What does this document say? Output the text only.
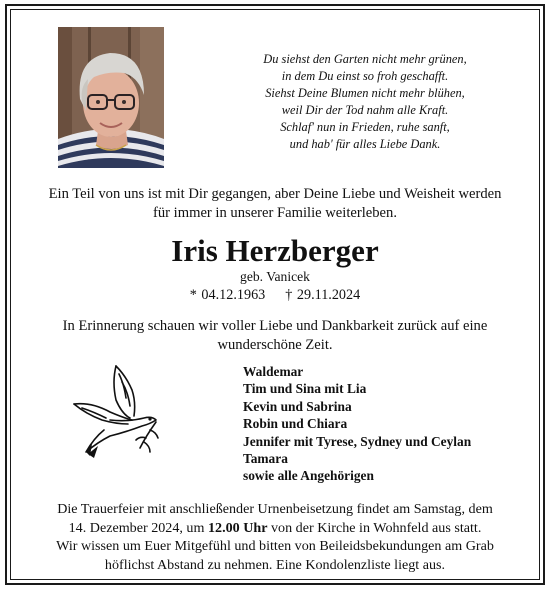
Du siehst den Garten nicht mehr grünen,
in dem Du einst so froh geschafft.
Siehst Deine Blumen nicht mehr blühen,
weil Dir der Tod nahm alle Kraft.
Schlaf' nun in Frieden, ruhe sanft,
und hab' für alles Liebe Dank.
Ein Teil von uns ist mit Dir gegangen, aber Deine Liebe und Weisheit werden
für immer in unserer Familie weiterleben.
Iris Herzberger
geb. Vanicek
* 04.12.1963 † 29.11.2024
In Erinnerung schauen wir voller Liebe und Dankbarkeit zurück auf eine
wunderschöne Zeit.
Waldemar
Tim und Sina mit Lia
Kevin und Sabrina
Robin und Chiara
Jennifer mit Tyrese, Sydney und Ceylan
Tamara
sowie alle Angehörigen
Die Trauerfeier mit anschließender Urnenbeisetzung findet am Samstag, dem
14. Dezember 2024, um 12.00 Uhr von der Kirche in Wohnfeld aus statt.
Wir wissen um Euer Mitgefühl und bitten von Beileidsbekundungen am Grab
höflichst Abstand zu nehmen. Eine Kondolenzliste liegt aus.
